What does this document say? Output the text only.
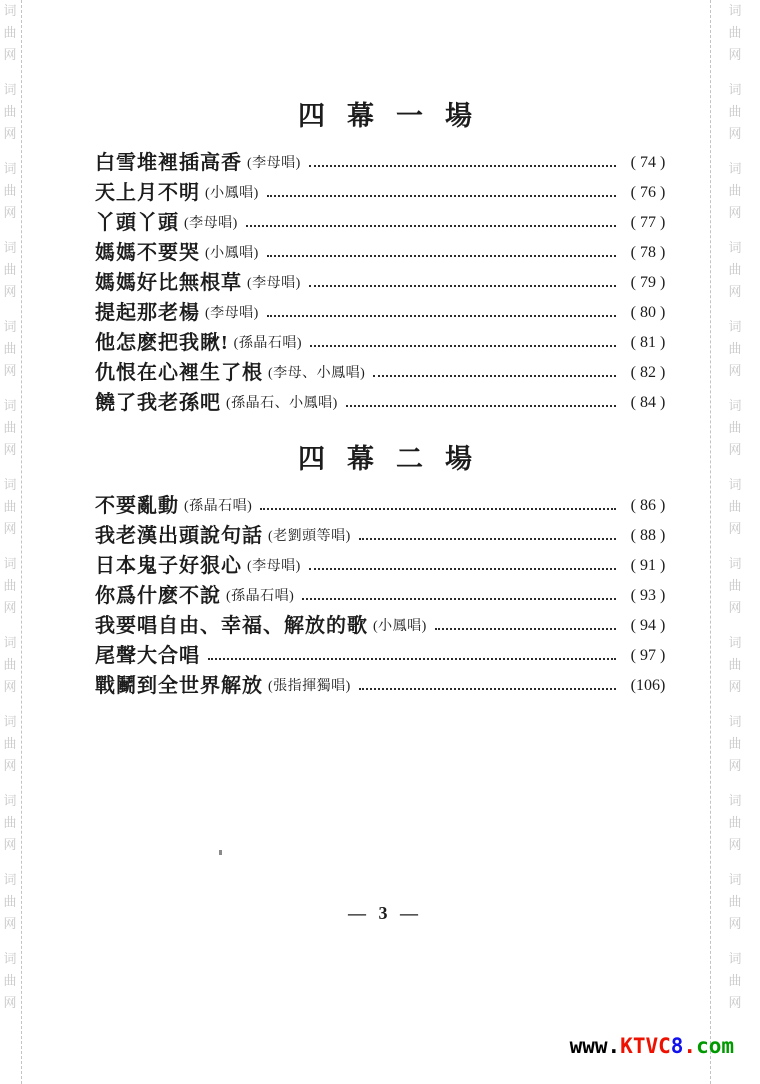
词
曲
网
词
曲
网
词
曲
网
词
曲
网
词
曲
网
词
曲
网
词
曲
网
词
曲
网
词
曲
网
词
曲
网
词
曲
网
词
曲
网
词
曲
网
词
曲
网
词
曲
网
词
曲
网
词
曲
网
词
曲
网
词
曲
网
词
曲
网
词
曲
网
词
曲
网
词
曲
网
词
曲
网
词
曲
网
词
曲
网
四幕一場
白雪堆裡插高香 (李母唱)	( 74 )
天上月不明 (小鳳唱)	( 76 )
丫頭丫頭 (李母唱)	( 77 )
媽媽不要哭 (小鳳唱)	( 78 )
媽媽好比無根草 (李母唱)	( 79 )
提起那老楊 (李母唱)	( 80 )
他怎麽把我瞅! (孫晶石唱)	( 81 )
仇恨在心裡生了根 (李母、小鳳唱)	( 82 )
饒了我老孫吧 (孫晶石、小鳳唱)	( 84 )
四幕二場
不要亂動 (孫晶石唱)	( 86 )
我老漢出頭說句話 (老劉頭等唱)	( 88 )
日本鬼子好狠心 (李母唱)	( 91 )
你爲什麽不說 (孫晶石唱)	( 93 )
我要唱自由、幸福、解放的歌 (小鳳唱)	( 94 )
尾聲大合唱	( 97 )
戰鬭到全世界解放 (張指揮獨唱)	(106)
— 3 —
www.KTVC8.com
